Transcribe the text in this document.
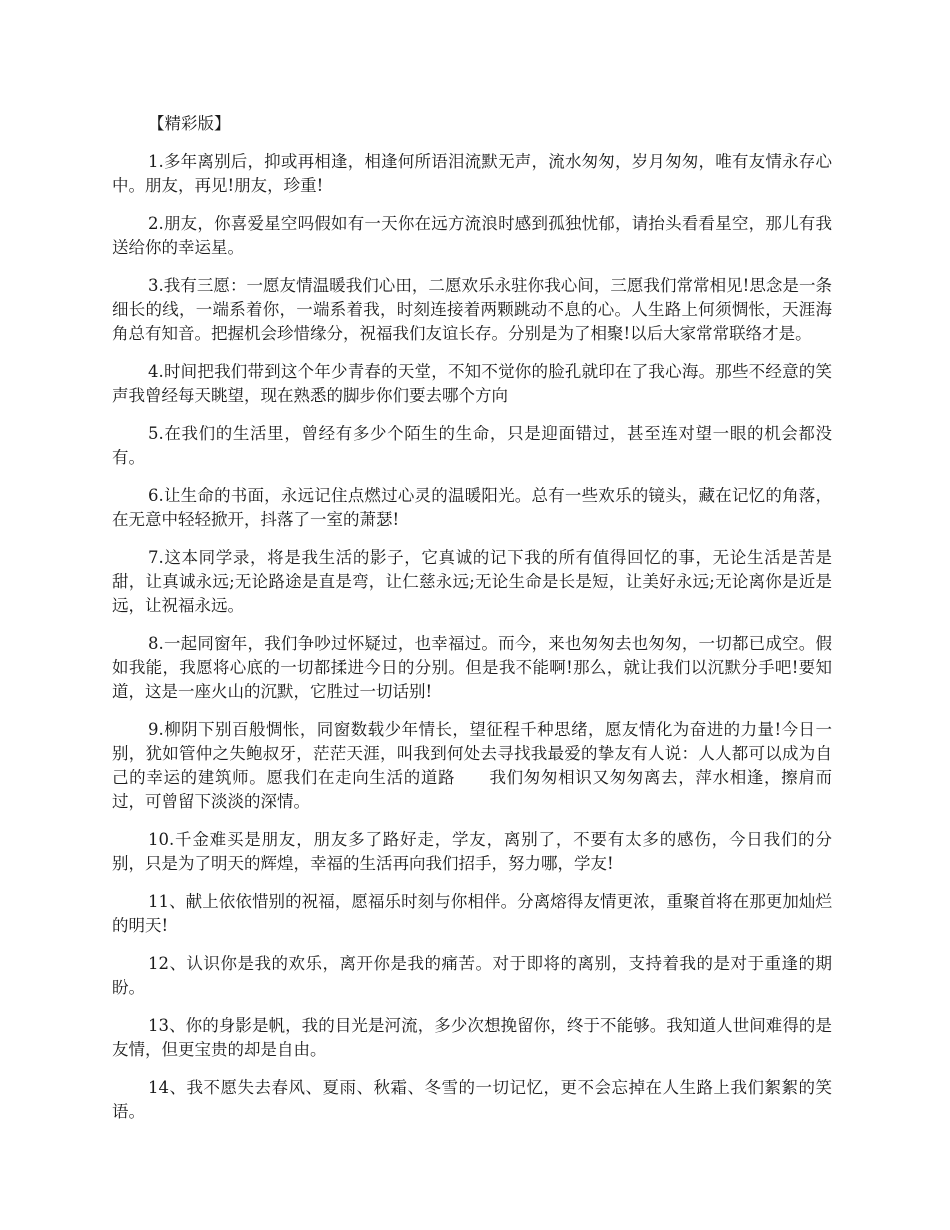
【精彩版】

1.多年离别后，抑或再相逢，相逢何所语泪流默无声，流水匆匆，岁月匆匆，唯有友情永存心中。朋友，再见!朋友，珍重!

2.朋友，你喜爱星空吗假如有一天你在远方流浪时感到孤独忧郁，请抬头看看星空，那儿有我送给你的幸运星。

3.我有三愿：一愿友情温暖我们心田，二愿欢乐永驻你我心间，三愿我们常常相见!思念是一条细长的线，一端系着你，一端系着我，时刻连接着两颗跳动不息的心。人生路上何须惆怅，天涯海角总有知音。把握机会珍惜缘分，祝福我们友谊长存。分别是为了相聚!以后大家常常联络才是。

4.时间把我们带到这个年少青春的天堂，不知不觉你的脸孔就印在了我心海。那些不经意的笑声我曾经每天眺望，现在熟悉的脚步你们要去哪个方向

5.在我们的生活里，曾经有多少个陌生的生命，只是迎面错过，甚至连对望一眼的机会都没有。

6.让生命的书面，永远记住点燃过心灵的温暖阳光。总有一些欢乐的镜头，藏在记忆的角落，在无意中轻轻掀开，抖落了一室的萧瑟!

7.这本同学录，将是我生活的影子，它真诚的记下我的所有值得回忆的事，无论生活是苦是甜，让真诚永远;无论路途是直是弯，让仁慈永远;无论生命是长是短，让美好永远;无论离你是近是远，让祝福永远。

8.一起同窗年，我们争吵过怀疑过，也幸福过。而今，来也匆匆去也匆匆，一切都已成空。假如我能，我愿将心底的一切都揉进今日的分别。但是我不能啊!那么，就让我们以沉默分手吧!要知道，这是一座火山的沉默，它胜过一切话别!

9.柳阴下别百般惆怅，同窗数载少年情长，望征程千种思绪，愿友情化为奋进的力量!今日一别，犹如管仲之失鲍叔牙，茫茫天涯，叫我到何处去寻找我最爱的挚友有人说：人人都可以成为自己的幸运的建筑师。愿我们在走向生活的道路　　我们匆匆相识又匆匆离去，萍水相逢，擦肩而过，可曾留下淡淡的深情。

10.千金难买是朋友，朋友多了路好走，学友，离别了，不要有太多的感伤，今日我们的分别，只是为了明天的辉煌，幸福的生活再向我们招手，努力哪，学友!

11、献上依依惜别的祝福，愿福乐时刻与你相伴。分离熔得友情更浓，重聚首将在那更加灿烂的明天!

12、认识你是我的欢乐，离开你是我的痛苦。对于即将的离别，支持着我的是对于重逢的期盼。

13、你的身影是帆，我的目光是河流，多少次想挽留你，终于不能够。我知道人世间难得的是友情，但更宝贵的却是自由。

14、我不愿失去春风、夏雨、秋霜、冬雪的一切记忆，更不会忘掉在人生路上我们絮絮的笑语。
